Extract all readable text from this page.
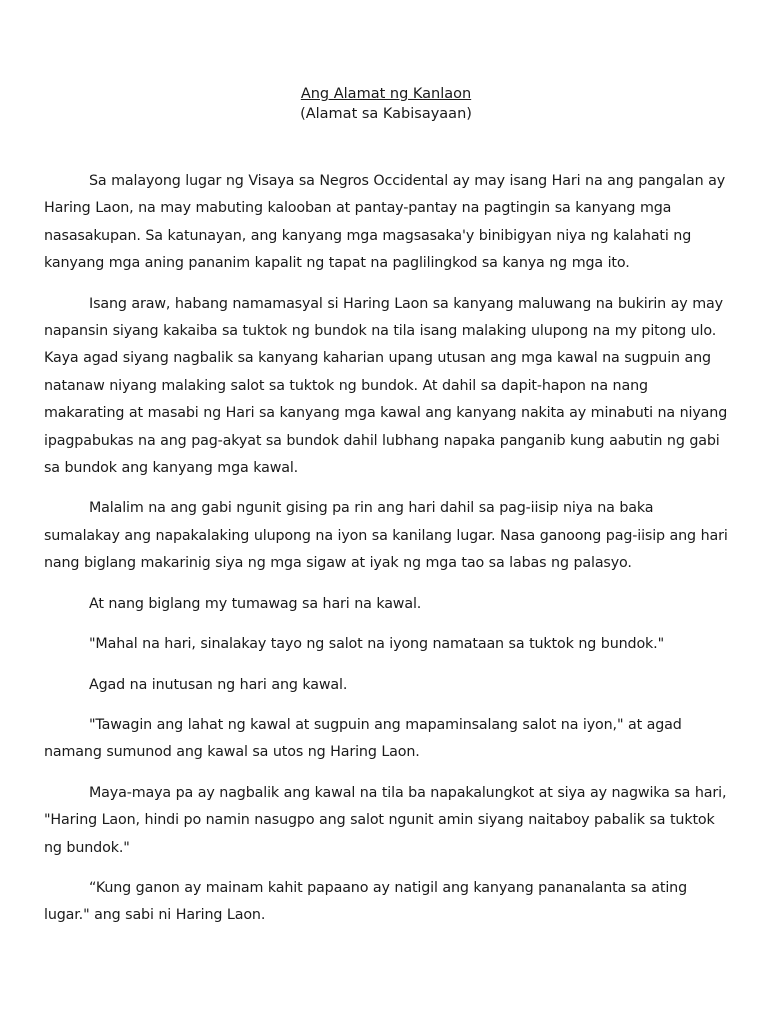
Ang Alamat ng Kanlaon

(Alamat sa Kabisayaan)

Sa malayong lugar ng Visaya sa Negros Occidental ay may isang Hari na ang pangalan ay Haring Laon, na may mabuting kalooban at pantay-pantay na pagtingin sa kanyang mga nasasakupan. Sa katunayan, ang kanyang mga magsasaka'y binibigyan niya ng kalahati ng kanyang mga aning pananim kapalit ng tapat na paglilingkod sa kanya ng mga ito.

Isang araw, habang namamasyal si Haring Laon sa kanyang maluwang na bukirin ay may napansin siyang kakaiba sa tuktok ng bundok na tila isang malaking ulupong na my pitong ulo. Kaya agad siyang nagbalik sa kanyang kaharian upang utusan ang mga kawal na sugpuin ang natanaw niyang malaking salot sa tuktok ng bundok. At dahil sa dapit-hapon na nang makarating at masabi ng Hari sa kanyang mga kawal ang kanyang nakita ay minabuti na niyang ipagpabukas na ang pag-akyat sa bundok dahil lubhang napaka panganib kung aabutin ng gabi sa bundok ang kanyang mga kawal.

Malalim na ang gabi ngunit gising pa rin ang hari dahil sa pag-iisip niya na baka sumalakay ang napakalaking ulupong na iyon sa kanilang lugar. Nasa ganoong pag-iisip ang hari nang biglang makarinig siya ng mga sigaw at iyak ng mga tao sa labas ng palasyo.

At nang biglang my tumawag sa hari na kawal.

"Mahal na hari, sinalakay tayo ng salot na iyong namataan sa tuktok ng bundok."

Agad na inutusan ng hari ang kawal.

"Tawagin ang lahat ng kawal at sugpuin ang mapaminsalang salot na iyon," at agad namang sumunod ang kawal sa utos ng Haring Laon.

Maya-maya pa ay nagbalik ang kawal na tila ba napakalungkot at siya ay nagwika sa hari, "Haring Laon, hindi po namin nasugpo ang salot ngunit amin siyang naitaboy pabalik sa tuktok ng bundok."

“Kung ganon ay mainam kahit papaano ay natigil ang kanyang pananalanta sa ating lugar." ang sabi ni Haring Laon.
